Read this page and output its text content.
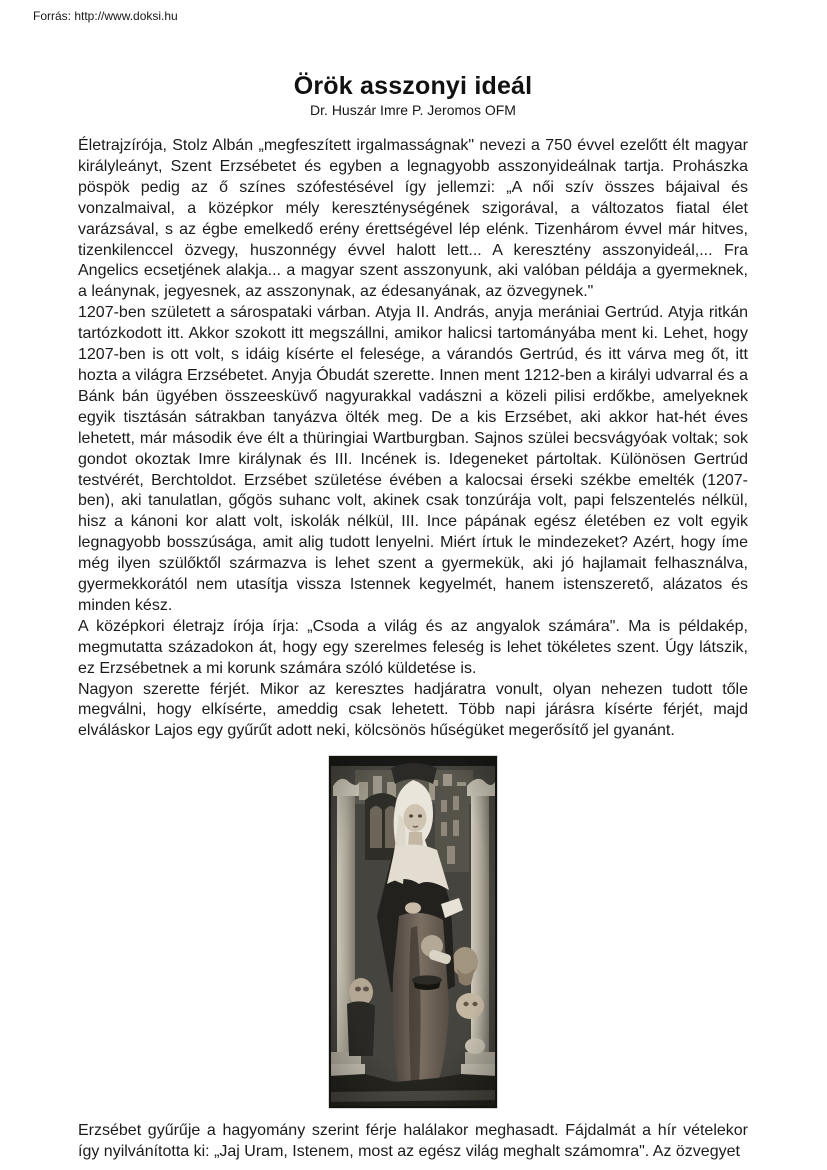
Forrás: http://www.doksi.hu
Örök asszonyi ideál
Dr. Huszár Imre P. Jeromos OFM

Életrajzírója, Stolz Albán „megfeszített irgalmasságnak" nevezi a 750 évvel ezelőtt élt magyar királyleányt, Szent Erzsébetet és egyben a legnagyobb asszonyideálnak tartja. Prohászka pöspök pedig az ő színes szófestésével így jellemzi: „A női szív összes bájaival és vonzalmaival, a középkor mély kereszténységének szigorával, a változatos fiatal élet varázsával, s az égbe emelkedő erény érettségével lép elénk. Tizenhárom évvel már hitves, tizenkilenccel özvegy, huszonnégy évvel halott lett... A keresztény asszonyideál,... Fra Angelics ecsetjének alakja... a magyar szent asszonyunk, aki valóban példája a gyermeknek, a leánynak, jegyesnek, az asszonynak, az édesanyának, az özvegynek."

1207-ben született a sárospataki várban. Atyja II. András, anyja merániai Gertrúd. Atyja ritkán tartózkodott itt. Akkor szokott itt megszállni, amikor halicsi tartományába ment ki. Lehet, hogy 1207-ben is ott volt, s idáig kísérte el felesége, a várandós Gertrúd, és itt várva meg őt, itt hozta a világra Erzsébetet. Anyja Óbudát szerette. Innen ment 1212-ben a királyi udvarral és a Bánk bán ügyében összeesküvő nagyurakkal vadászni a közeli pilisi erdőkbe, amelyeknek egyik tisztásán sátrakban tanyázva ölték meg. De a kis Erzsébet, aki akkor hat-hét éves lehetett, már második éve élt a thüringiai Wartburgban. Sajnos szülei becsvágyóak voltak; sok gondot okoztak Imre királynak és III. Incének is. Idegeneket pártoltak. Különösen Gertrúd testvérét, Berchtoldot. Erzsébet születése évében a kalocsai érseki székbe emelték (1207-ben), aki tanulatlan, gőgös suhanc volt, akinek csak tonzúrája volt, papi felszentelés nélkül, hisz a kánoni kor alatt volt, iskolák nélkül, III. Ince pápának egész életében ez volt egyik legnagyobb bosszúsága, amit alig tudott lenyelni. Miért írtuk le mindezeket? Azért, hogy íme még ilyen szülőktől származva is lehet szent a gyermekük, aki jó hajlamait felhasználva, gyermekkorától nem utasítja vissza Istennek kegyelmét, hanem istenszerető, alázatos és minden kész.

A középkori életrajz írója írja: „Csoda a világ és az angyalok számára". Ma is példakép, megmutatta századokon át, hogy egy szerelmes feleség is lehet tökéletes szent. Úgy látszik, ez Erzsébetnek a mi korunk számára szóló küldetése is.

Nagyon szerette férjét. Mikor az keresztes hadjáratra vonult, olyan nehezen tudott tőle megválni, hogy elkísérte, ameddig csak lehetett. Több napi járásra kísérte férjét, majd elváláskor Lajos egy gyűrűt adott neki, kölcsönös hűségüket megerősítő jel gyanánt.

Erzsébet gyűrűje a hagyomány szerint férje halálakor meghasadt. Fájdalmát a hír vételekor így nyilvánította ki: „Jaj Uram, Istenem, most az egész világ meghalt számomra". Az özvegyet
